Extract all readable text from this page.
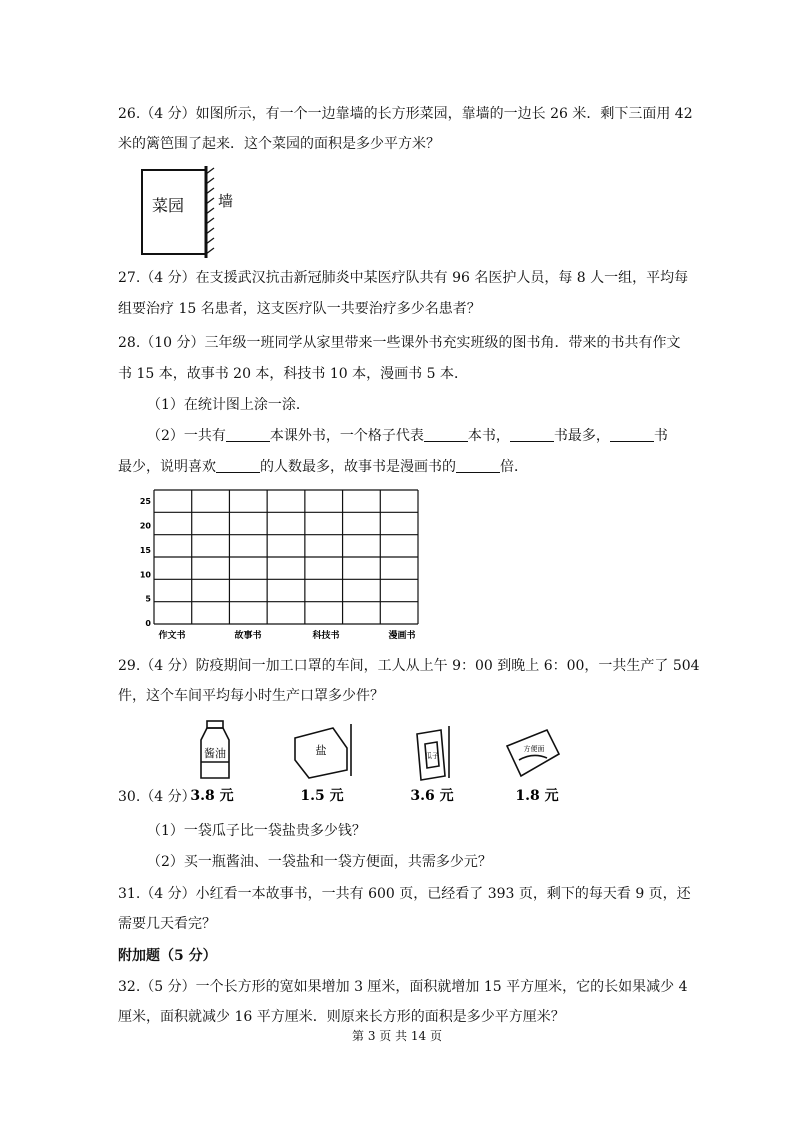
26.（4 分）如图所示，有一个一边靠墙的长方形菜园，靠墙的一边长 26 米．剩下三面用 42
米的篱笆围了起来．这个菜园的面积是多少平方米？
菜园 墙
27.（4 分）在支援武汉抗击新冠肺炎中某医疗队共有 96 名医护人员，每 8 人一组，平均每
组要治疗 15 名患者，这支医疗队一共要治疗多少名患者？
28.（10 分）三年级一班同学从家里带来一些课外书充实班级的图书角．带来的书共有作文
书 15 本，故事书 20 本，科技书 10 本，漫画书 5 本．
（1）在统计图上涂一涂．
（2）一共有	本课外书，一个格子代表	本书，	书最多，	书
最少，说明喜欢	的人数最多，故事书是漫画书的	倍．
25
20
15
10
5
0
作文书	故事书	科技书	漫画书
29.（4 分）防疫期间一加工口罩的车间，工人从上午 9：00 到晚上 6：00，一共生产了 504
件，这个车间平均每小时生产口罩多少件？
酱油	盐	瓜子
方便面
3.8 元	1.5 元	3.6 元	1.8 元
30.（4 分）
（1）一袋瓜子比一袋盐贵多少钱？
（2）买一瓶酱油、一袋盐和一袋方便面，共需多少元？
31.（4 分）小红看一本故事书，一共有 600 页，已经看了 393 页，剩下的每天看 9 页，还
需要几天看完？
附加题（5 分）
32.（5 分）一个长方形的宽如果增加 3 厘米，面积就增加 15 平方厘米，它的长如果减少 4
厘米，面积就减少 16 平方厘米．则原来长方形的面积是多少平方厘米？
第 3 页 共 14 页
